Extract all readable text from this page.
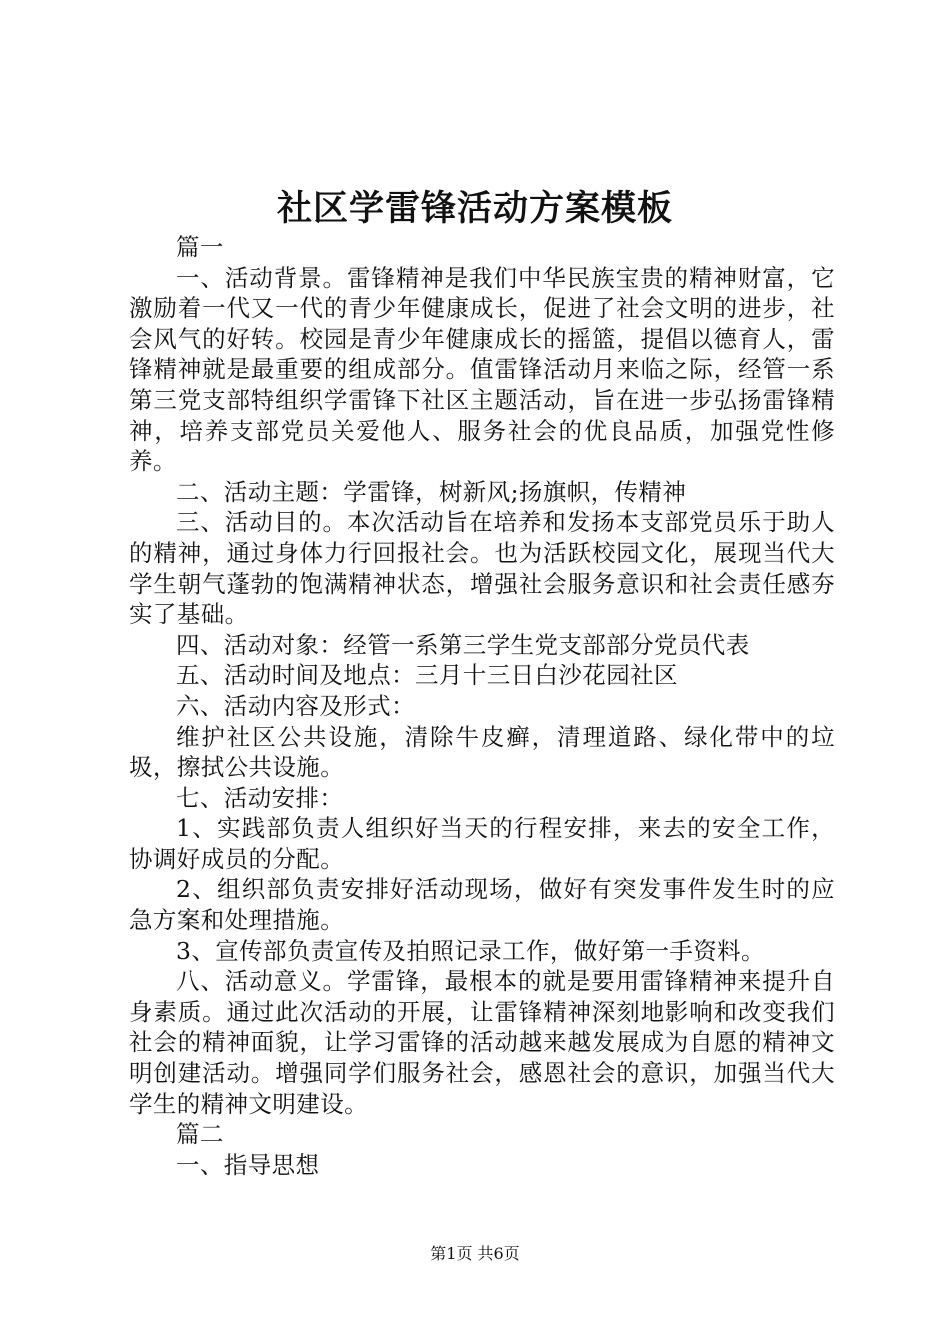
社区学雷锋活动方案模板

篇一

一、活动背景。雷锋精神是我们中华民族宝贵的精神财富，它激励着一代又一代的青少年健康成长，促进了社会文明的进步，社会风气的好转。校园是青少年健康成长的摇篮，提倡以德育人，雷锋精神就是最重要的组成部分。值雷锋活动月来临之际，经管一系第三党支部特组织学雷锋下社区主题活动，旨在进一步弘扬雷锋精神，培养支部党员关爱他人、服务社会的优良品质，加强党性修养。

二、活动主题：学雷锋，树新风;扬旗帜，传精神

三、活动目的。本次活动旨在培养和发扬本支部党员乐于助人的精神，通过身体力行回报社会。也为活跃校园文化，展现当代大学生朝气蓬勃的饱满精神状态，增强社会服务意识和社会责任感夯实了基础。

四、活动对象：经管一系第三学生党支部部分党员代表

五、活动时间及地点：三月十三日白沙花园社区

六、活动内容及形式：

维护社区公共设施，清除牛皮癣，清理道路、绿化带中的垃圾，擦拭公共设施。

七、活动安排：

1、实践部负责人组织好当天的行程安排，来去的安全工作，协调好成员的分配。

2、组织部负责安排好活动现场，做好有突发事件发生时的应急方案和处理措施。

3、宣传部负责宣传及拍照记录工作，做好第一手资料。

八、活动意义。学雷锋，最根本的就是要用雷锋精神来提升自身素质。通过此次活动的开展，让雷锋精神深刻地影响和改变我们社会的精神面貌，让学习雷锋的活动越来越发展成为自愿的精神文明创建活动。增强同学们服务社会，感恩社会的意识，加强当代大学生的精神文明建设。

篇二

一、指导思想

第1页 共6页
